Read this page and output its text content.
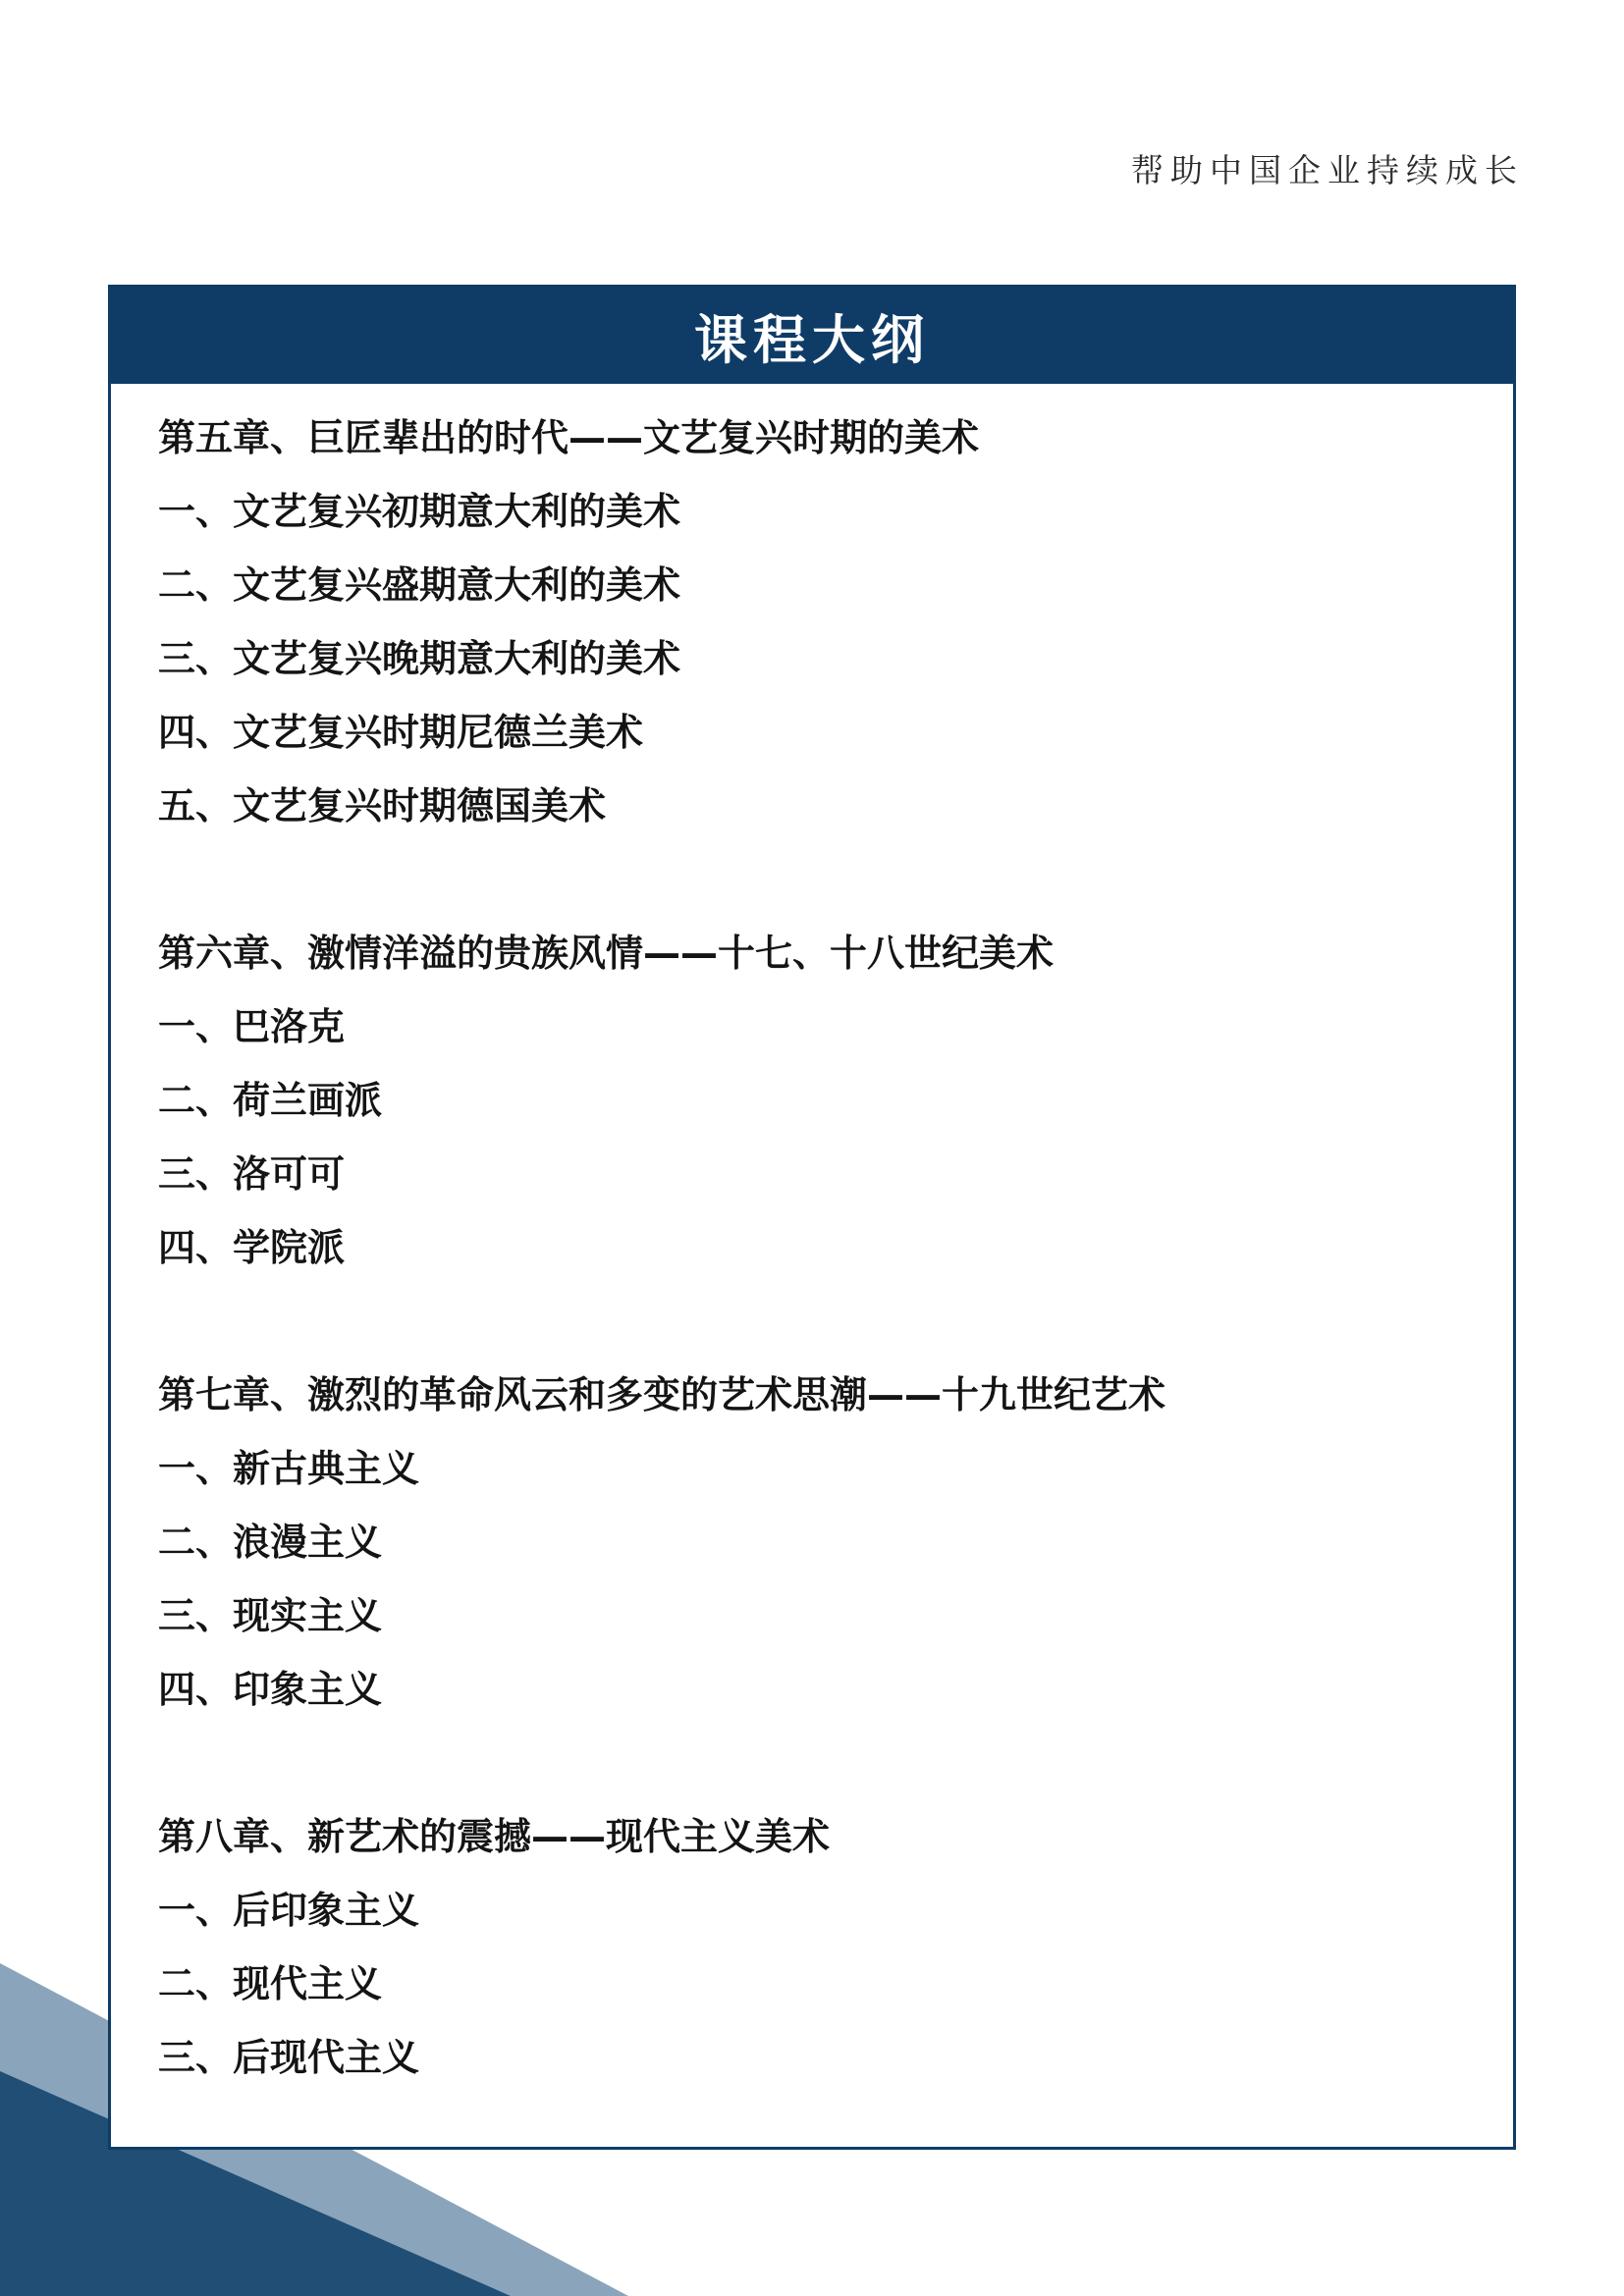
帮助中国企业持续成长
课程大纲
第五章、巨匠辈出的时代——文艺复兴时期的美术
一、文艺复兴初期意大利的美术
二、文艺复兴盛期意大利的美术
三、文艺复兴晚期意大利的美术
四、文艺复兴时期尼德兰美术
五、文艺复兴时期德国美术
第六章、激情洋溢的贵族风情——十七、十八世纪美术
一、巴洛克
二、荷兰画派
三、洛可可
四、学院派
第七章、激烈的革命风云和多变的艺术思潮——十九世纪艺术
一、新古典主义
二、浪漫主义
三、现实主义
四、印象主义
第八章、新艺术的震撼——现代主义美术
一、后印象主义
二、现代主义
三、后现代主义
